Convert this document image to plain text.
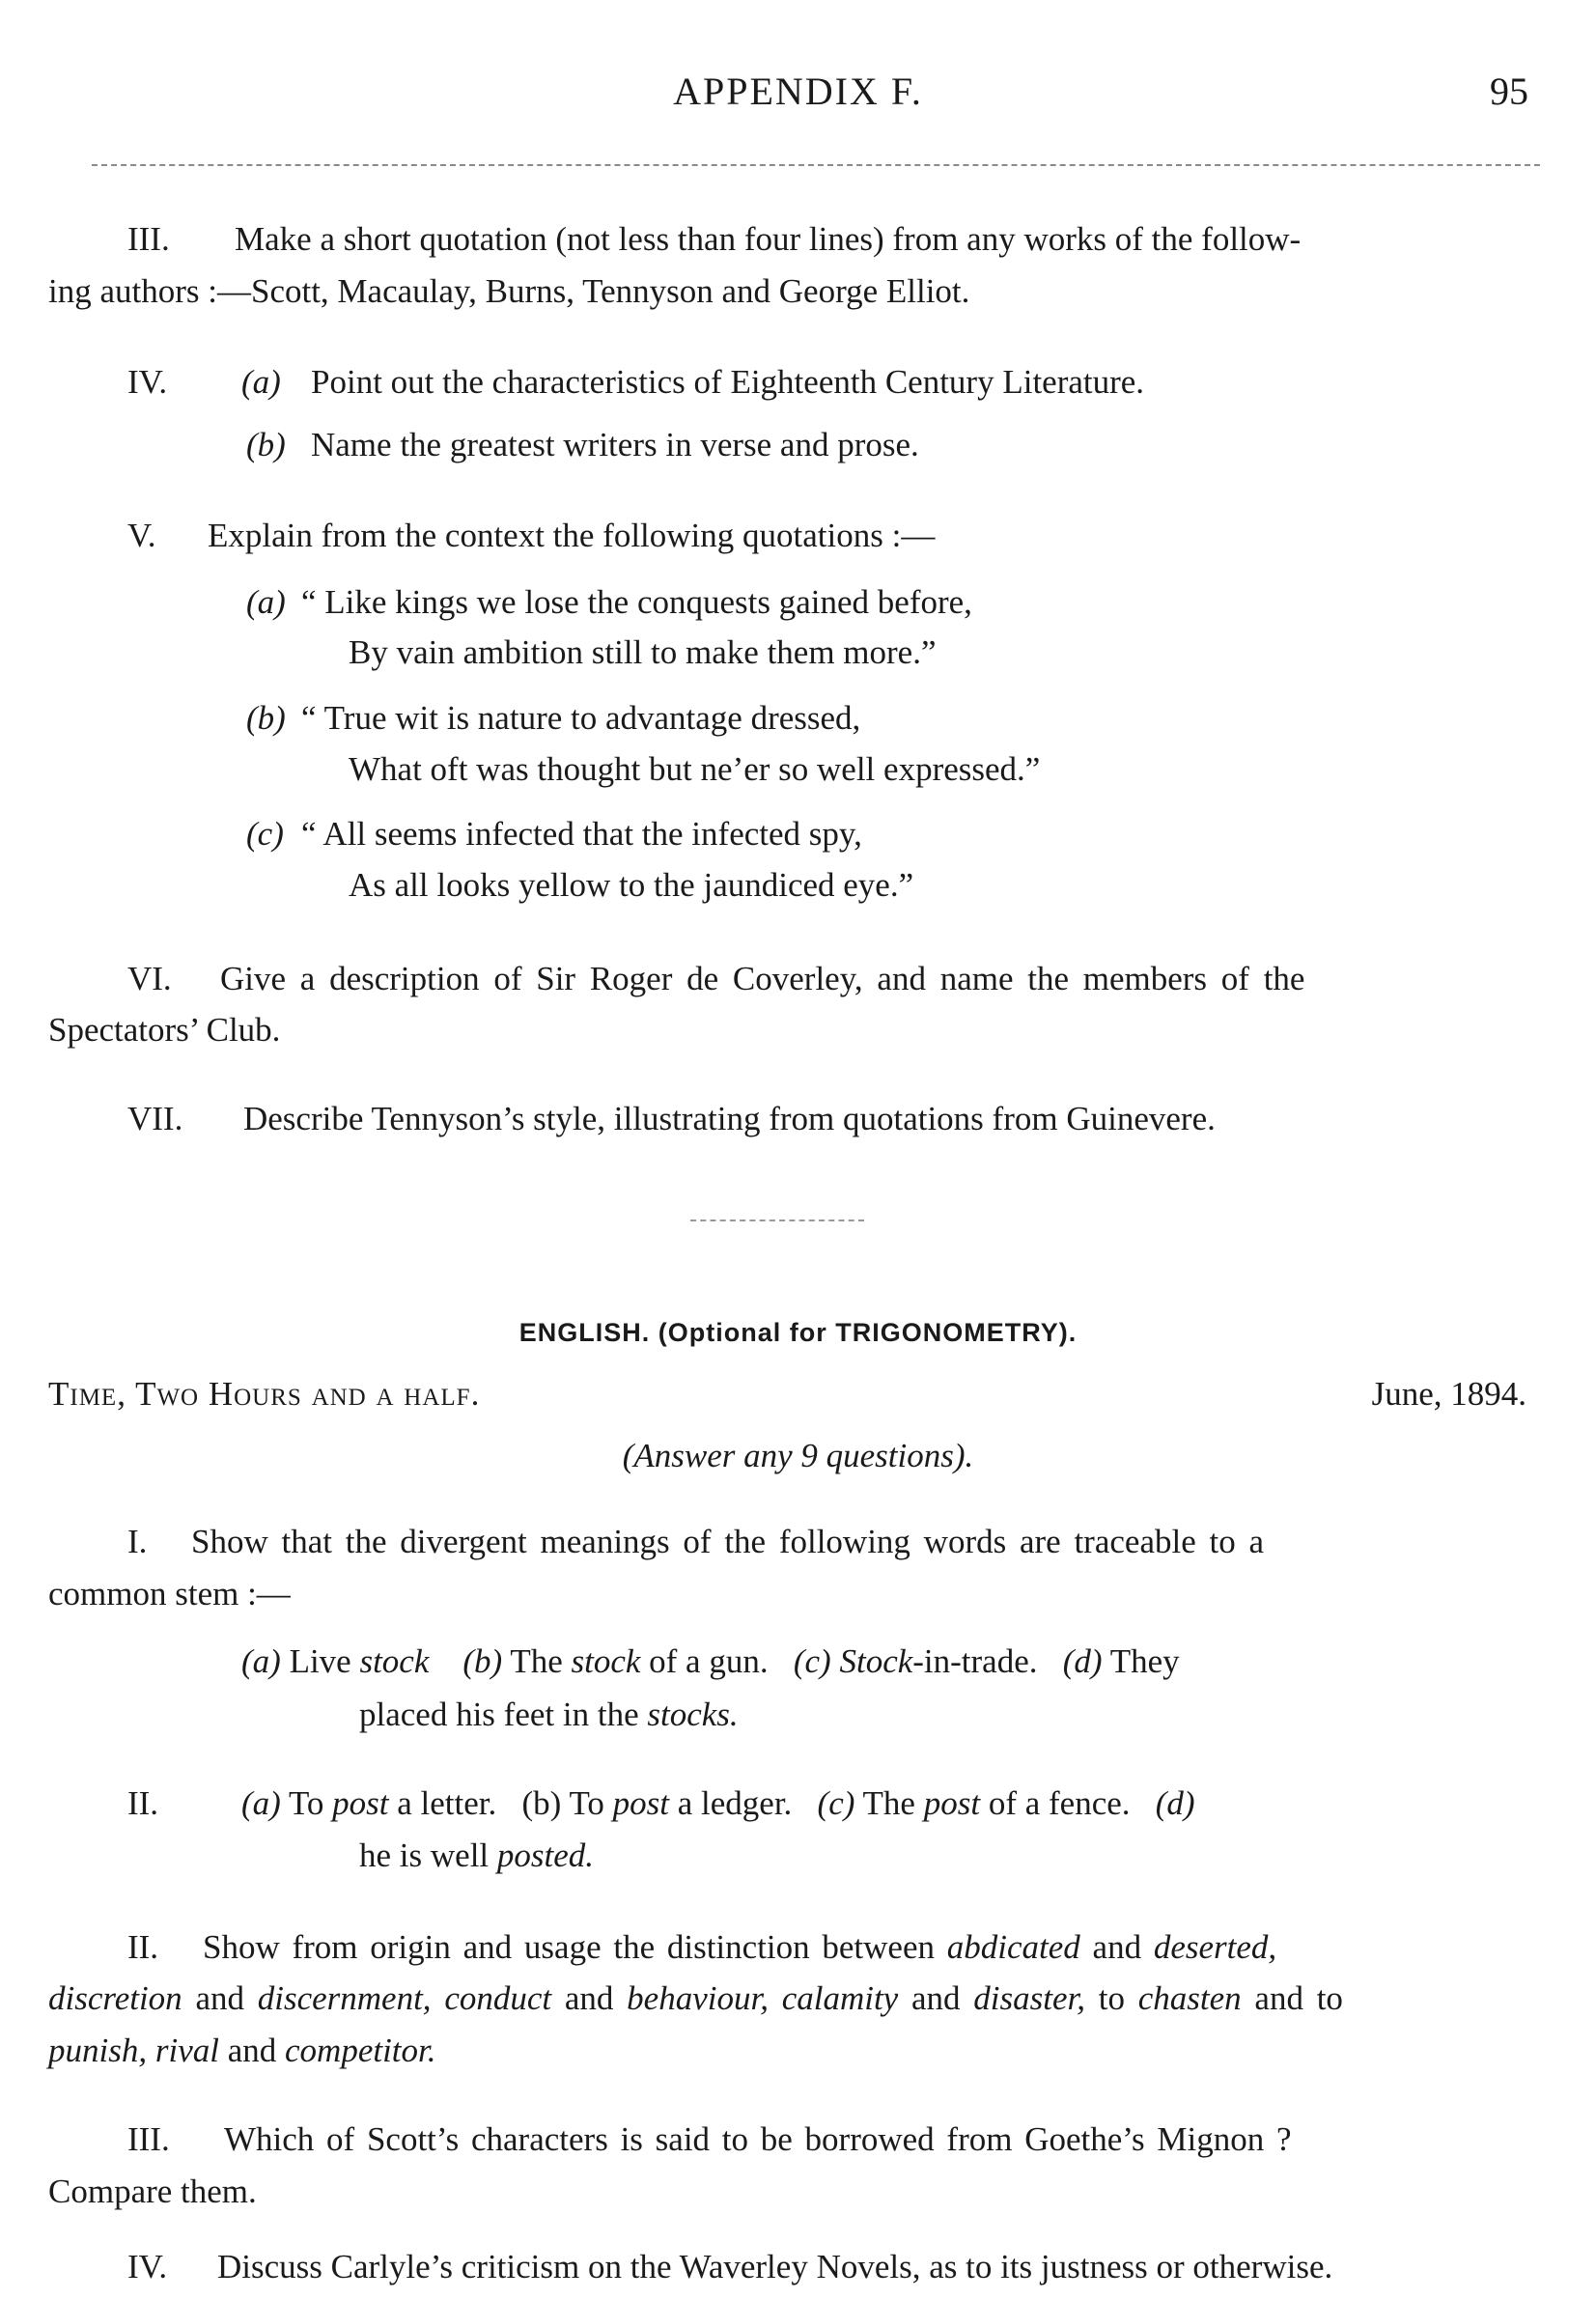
APPENDIX F.	95
III. Make a short quotation (not less than four lines) from any works of the follow-
ing authors :—Scott, Macaulay, Burns, Tennyson and George Elliot.
IV. (a) Point out the characteristics of Eighteenth Century Literature.
(b) Name the greatest writers in verse and prose.
V. Explain from the context the following quotations :—
(a) “ Like kings we lose the conquests gained before,
By vain ambition still to make them more.”
(b) “ True wit is nature to advantage dressed,
What oft was thought but ne’er so well expressed.”
(c) “ All seems infected that the infected spy,
As all looks yellow to the jaundiced eye.”
VI. Give a description of Sir Roger de Coverley, and name the members of the
Spectators’ Club.
VII. Describe Tennyson’s style, illustrating from quotations from Guinevere.
ENGLISH. (Optional for TRIGONOMETRY).
Time, Two Hours and a half.	June, 1894.
(Answer any 9 questions).
I. Show that the divergent meanings of the following words are traceable to a
common stem :—
(a) Live stock (b) The stock of a gun. (c) Stock-in-trade. (d) They
placed his feet in the stocks.
II. (a) To post a letter. (b) To post a ledger. (c) The post of a fence. (d)
he is well posted.
II. Show from origin and usage the distinction between abdicated and deserted,
discretion and discernment, conduct and behaviour, calamity and disaster, to chasten and to
punish, rival and competitor.
III. Which of Scott’s characters is said to be borrowed from Goethe’s Mignon ?
Compare them.
IV. Discuss Carlyle’s criticism on the Waverley Novels, as to its justness or otherwise.
